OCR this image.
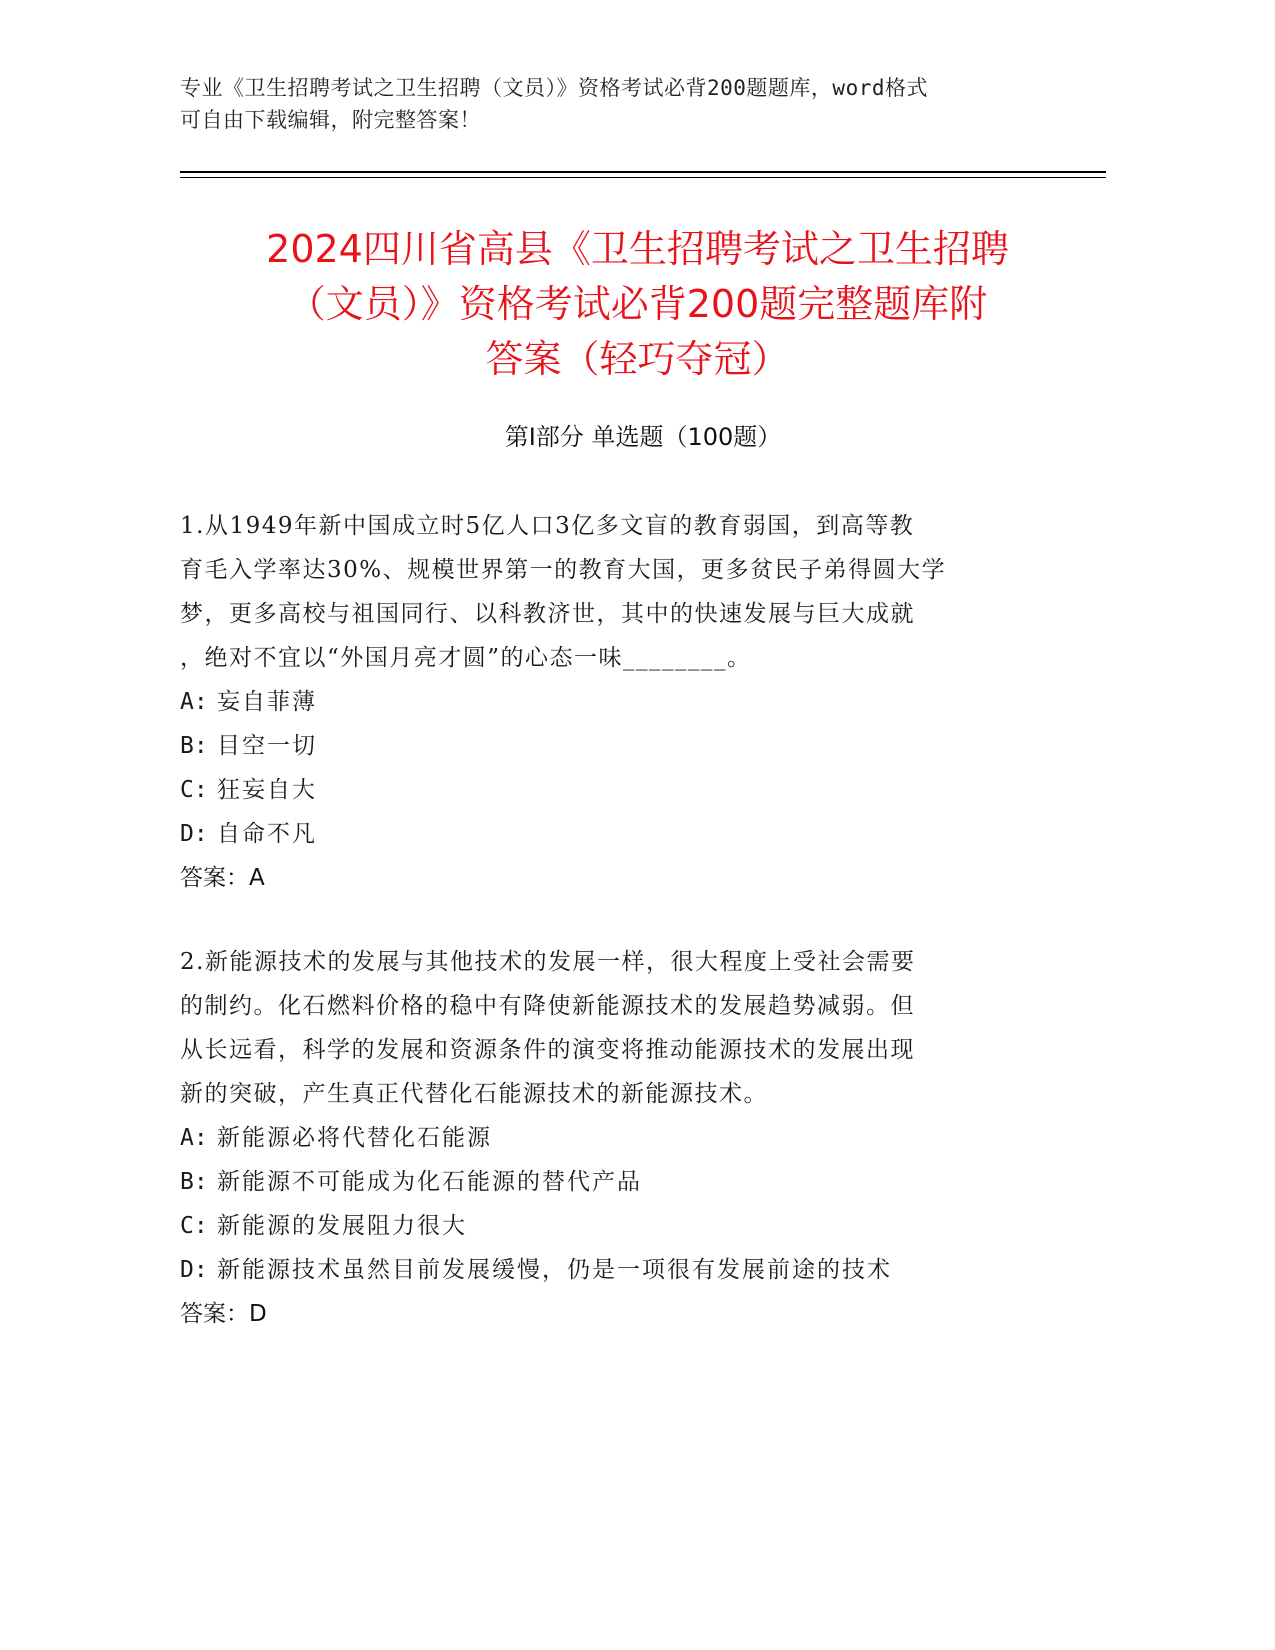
专业《卫生招聘考试之卫生招聘（文员）》资格考试必背200题题库，word格式
可自由下载编辑，附完整答案！
2024四川省高县《卫生招聘考试之卫生招聘
（文员）》资格考试必背200题完整题库附
答案（轻巧夺冠）
第Ⅰ部分 单选题（100题）

1.从1949年新中国成立时5亿人口3亿多文盲的教育弱国，到高等教

育毛入学率达30%、规模世界第一的教育大国，更多贫民子弟得圆大学

梦，更多高校与祖国同行、以科教济世，其中的快速发展与巨大成就

，绝对不宜以“外国月亮才圆”的心态一味________。

A: 妄自菲薄

B: 目空一切

C: 狂妄自大

D: 自命不凡

答案：A

2.新能源技术的发展与其他技术的发展一样，很大程度上受社会需要

的制约。化石燃料价格的稳中有降使新能源技术的发展趋势减弱。但

从长远看，科学的发展和资源条件的演变将推动能源技术的发展出现

新的突破，产生真正代替化石能源技术的新能源技术。

A: 新能源必将代替化石能源

B: 新能源不可能成为化石能源的替代产品

C: 新能源的发展阻力很大

D: 新能源技术虽然目前发展缓慢，仍是一项很有发展前途的技术

答案：D
